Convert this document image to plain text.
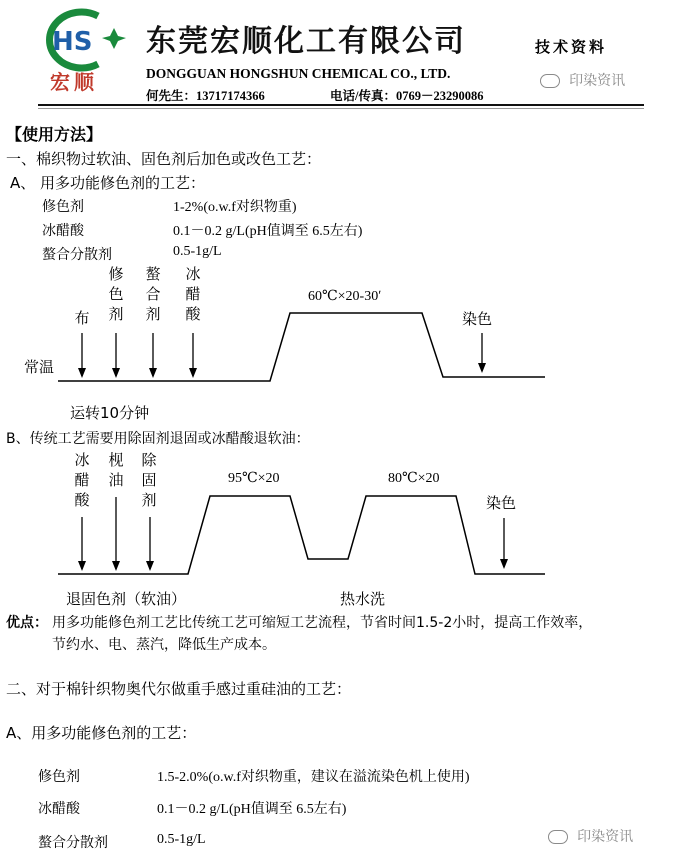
HS
宏顺
东莞宏顺化工有限公司	技术资料
DONGGUAN HONGSHUN CHEMICAL CO., LTD.
何先生：13717174366	电话/传真：0769－23290086
印染资讯
【使用方法】
一、棉织物过软油、固色剂后加色或改色工艺：
A、 用多功能修色剂的工艺：
修色剂	1-2%(o.w.f对织物重)
冰醋酸	0.1－0.2 g/L(pH值调至 6.5左右)
螯合分散剂	0.5-1g/L
布
修色剂
螯合剂
冰醋酸
60℃×20-30ʹ
染色
常温
运转10分钟
B、传统工艺需要用除固剂退固或冰醋酸退软油：
冰醋酸
枧油
除固剂
95℃×20	80℃×20
染色
退固色剂（软油）	热水洗
优点： 用多功能修色剂工艺比传统工艺可缩短工艺流程，节省时间1.5-2小时，提高工作效率，
节约水、电、蒸汽，降低生产成本。
二、对于棉针织物奥代尔做重手感过重硅油的工艺：
A、用多功能修色剂的工艺：
修色剂	1.5-2.0%(o.w.f对织物重，建议在溢流染色机上使用)
冰醋酸	0.1－0.2 g/L(pH值调至 6.5左右)
螯合分散剂	0.5-1g/L	印染资讯
